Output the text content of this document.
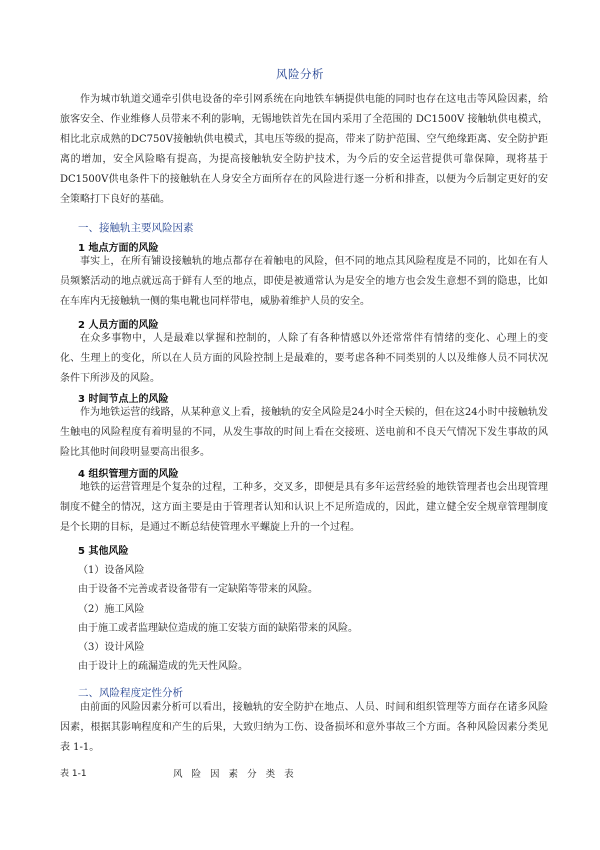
风险分析

作为城市轨道交通牵引供电设备的牵引网系统在向地铁车辆提供电能的同时也存在这电击等风险因素，给旅客安全、作业维修人员带来不利的影响，无锡地铁首先在国内采用了全范围的 DC1500V 接触轨供电模式，相比北京成熟的DC750V接触轨供电模式，其电压等级的提高，带来了防护范围、空气绝缘距离、安全防护距离的增加，安全风险略有提高，为提高接触轨安全防护技术，为今后的安全运营提供可靠保障，现将基于DC1500V供电条件下的接触轨在人身安全方面所存在的风险进行逐一分析和排查，以便为今后制定更好的安全策略打下良好的基础。

一、接触轨主要风险因素

1 地点方面的风险

事实上，在所有铺设接触轨的地点都存在着触电的风险，但不同的地点其风险程度是不同的，比如在有人员频繁活动的地点就远高于鲜有人至的地点，即使是被通常认为是安全的地方也会发生意想不到的隐患，比如在车库内无接触轨一侧的集电靴也同样带电，威胁着维护人员的安全。

2 人员方面的风险

在众多事物中，人是最难以掌握和控制的，人除了有各种情感以外还常常伴有情绪的变化、心理上的变化、生理上的变化，所以在人员方面的风险控制上是最难的，要考虑各种不同类别的人以及维修人员不同状况条件下所涉及的风险。

3 时间节点上的风险

作为地铁运营的线路，从某种意义上看，接触轨的安全风险是24小时全天候的，但在这24小时中接触轨发生触电的风险程度有着明显的不同，从发生事故的时间上看在交接班、送电前和不良天气情况下发生事故的风险比其他时间段明显要高出很多。

4 组织管理方面的风险

地铁的运营管理是个复杂的过程，工种多，交叉多，即便是具有多年运营经验的地铁管理者也会出现管理制度不健全的情况，这方面主要是由于管理者认知和认识上不足所造成的，因此，建立健全安全规章管理制度是个长期的目标，是通过不断总结使管理水平螺旋上升的一个过程。

5 其他风险

（1）设备风险

由于设备不完善或者设备带有一定缺陷等带来的风险。

（2）施工风险

由于施工或者监理缺位造成的施工安装方面的缺陷带来的风险。

（3）设计风险

由于设计上的疏漏造成的先天性风险。

二、风险程度定性分析

由前面的风险因素分析可以看出，接触轨的安全防护在地点、人员、时间和组织管理等方面存在诸多风险因素，根据其影响程度和产生的后果，大致归纳为工伤、设备损坏和意外事故三个方面。各种风险因素分类见表 1-1。

表 1-1	风 险 因 素 分 类 表
